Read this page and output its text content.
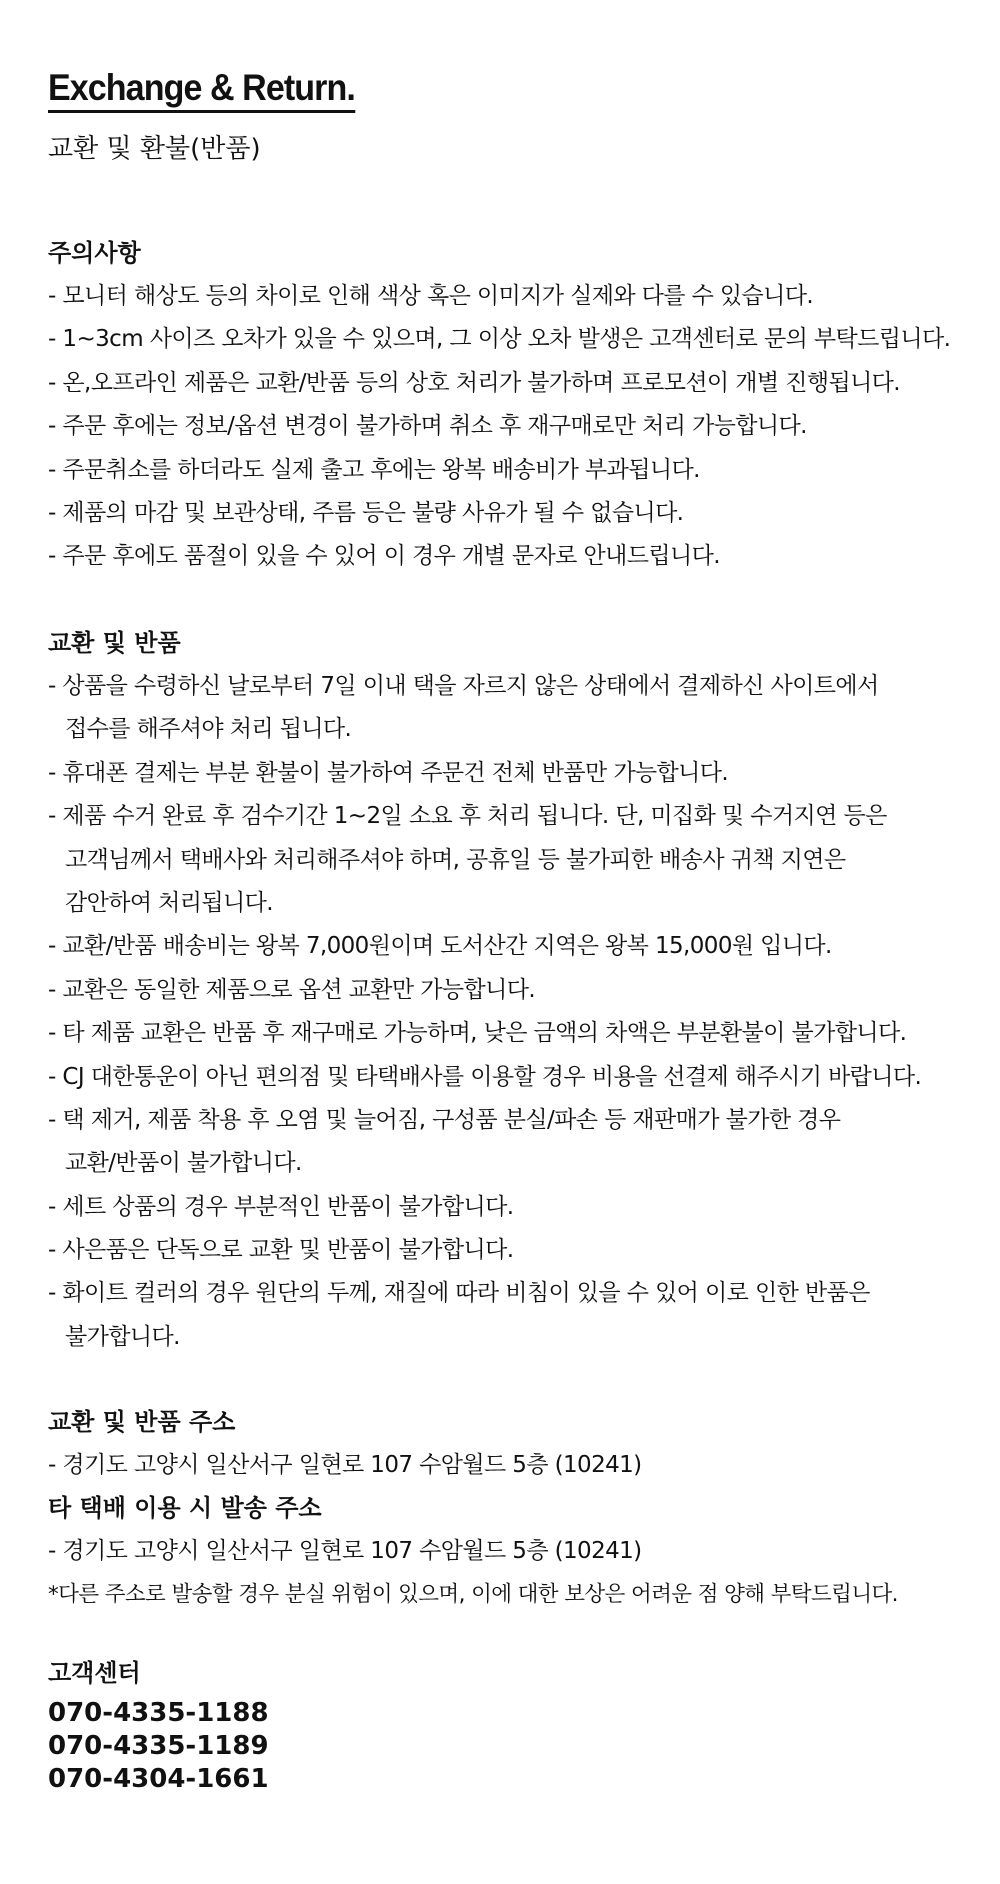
Exchange & Return.
교환 및 환불(반품)
주의사항
- 모니터 해상도 등의 차이로 인해 색상 혹은 이미지가 실제와 다를 수 있습니다.
- 1~3cm 사이즈 오차가 있을 수 있으며, 그 이상 오차 발생은 고객센터로 문의 부탁드립니다.
- 온,오프라인 제품은 교환/반품 등의 상호 처리가 불가하며 프로모션이 개별 진행됩니다.
- 주문 후에는 정보/옵션 변경이 불가하며 취소 후 재구매로만 처리 가능합니다.
- 주문취소를 하더라도 실제 출고 후에는 왕복 배송비가 부과됩니다.
- 제품의 마감 및 보관상태, 주름 등은 불량 사유가 될 수 없습니다.
- 주문 후에도 품절이 있을 수 있어 이 경우 개별 문자로 안내드립니다.
교환 및 반품
- 상품을 수령하신 날로부터 7일 이내 택을 자르지 않은 상태에서 결제하신 사이트에서
접수를 해주셔야 처리 됩니다.
- 휴대폰 결제는 부분 환불이 불가하여 주문건 전체 반품만 가능합니다.
- 제품 수거 완료 후 검수기간 1~2일 소요 후 처리 됩니다. 단, 미집화 및 수거지연 등은
고객님께서 택배사와 처리해주셔야 하며, 공휴일 등 불가피한 배송사 귀책 지연은
감안하여 처리됩니다.
- 교환/반품 배송비는 왕복 7,000원이며 도서산간 지역은 왕복 15,000원 입니다.
- 교환은 동일한 제품으로 옵션 교환만 가능합니다.
- 타 제품 교환은 반품 후 재구매로 가능하며, 낮은 금액의 차액은 부분환불이 불가합니다.
- CJ 대한통운이 아닌 편의점 및 타택배사를 이용할 경우 비용을 선결제 해주시기 바랍니다.
- 택 제거, 제품 착용 후 오염 및 늘어짐, 구성품 분실/파손 등 재판매가 불가한 경우
교환/반품이 불가합니다.
- 세트 상품의 경우 부분적인 반품이 불가합니다.
- 사은품은 단독으로 교환 및 반품이 불가합니다.
- 화이트 컬러의 경우 원단의 두께, 재질에 따라 비침이 있을 수 있어 이로 인한 반품은
불가합니다.
교환 및 반품 주소
- 경기도 고양시 일산서구 일현로 107 수암월드 5층 (10241)
타 택배 이용 시 발송 주소
- 경기도 고양시 일산서구 일현로 107 수암월드 5층 (10241)
*다른 주소로 발송할 경우 분실 위험이 있으며, 이에 대한 보상은 어려운 점 양해 부탁드립니다.
고객센터
070-4335-1188
070-4335-1189
070-4304-1661
